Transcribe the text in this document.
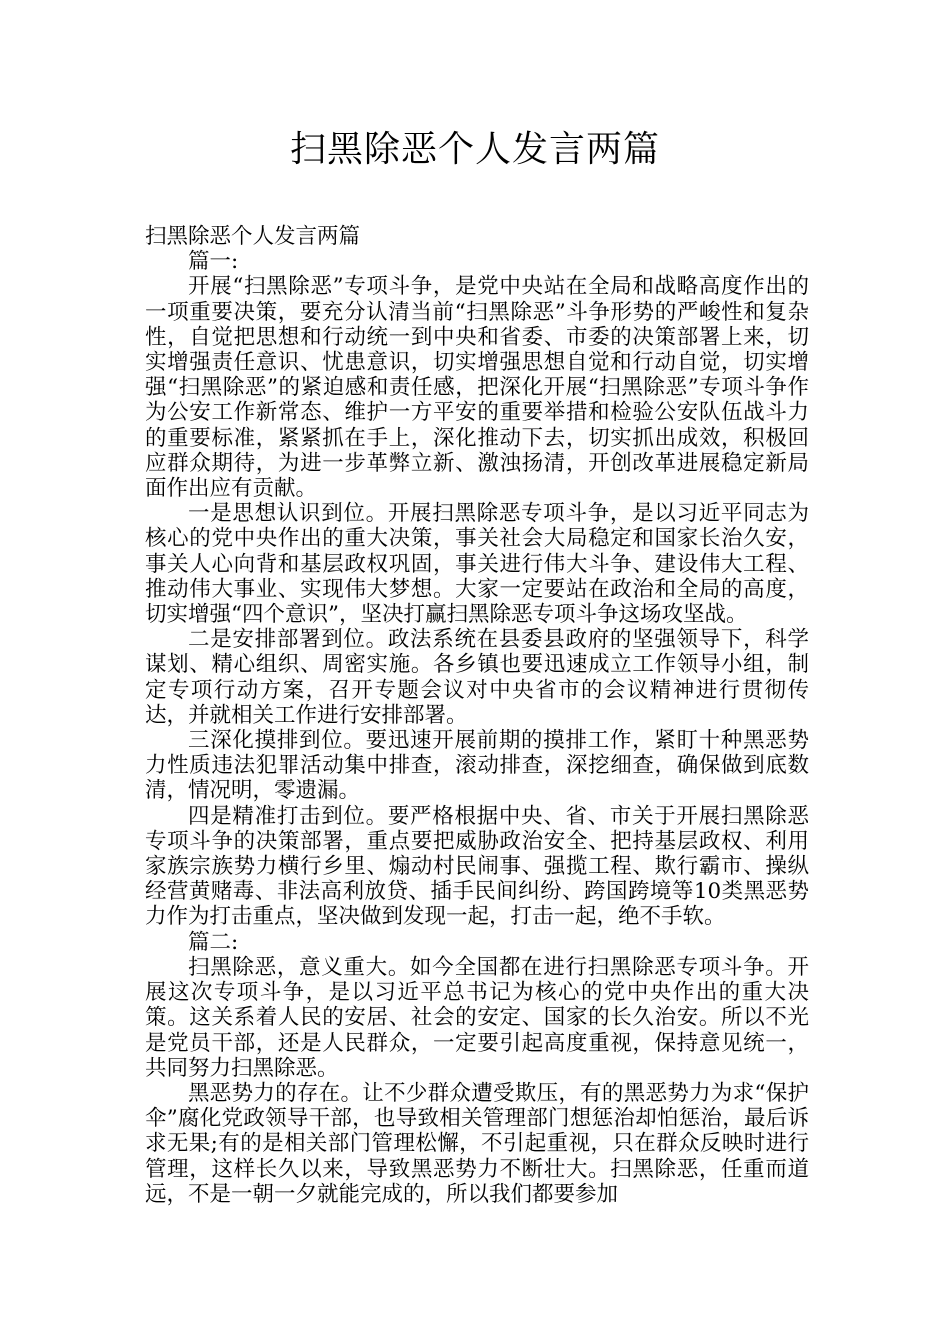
扫黑除恶个人发言两篇

扫黑除恶个人发言两篇

篇一:

开展“扫黑除恶”专项斗争，是党中央站在全局和战略高度作出的一项重要决策，要充分认清当前“扫黑除恶”斗争形势的严峻性和复杂性，自觉把思想和行动统一到中央和省委、市委的决策部署上来，切实增强责任意识、忧患意识，切实增强思想自觉和行动自觉，切实增强“扫黑除恶”的紧迫感和责任感，把深化开展“扫黑除恶”专项斗争作为公安工作新常态、维护一方平安的重要举措和检验公安队伍战斗力的重要标准，紧紧抓在手上，深化推动下去，切实抓出成效，积极回应群众期待，为进一步革弊立新、激浊扬清，开创改革进展稳定新局面作出应有贡献。

一是思想认识到位。开展扫黑除恶专项斗争，是以习近平同志为核心的党中央作出的重大决策，事关社会大局稳定和国家长治久安，事关人心向背和基层政权巩固，事关进行伟大斗争、建设伟大工程、推动伟大事业、实现伟大梦想。大家一定要站在政治和全局的高度，切实增强“四个意识”，坚决打赢扫黑除恶专项斗争这场攻坚战。

二是安排部署到位。政法系统在县委县政府的坚强领导下，科学谋划、精心组织、周密实施。各乡镇也要迅速成立工作领导小组，制定专项行动方案，召开专题会议对中央省市的会议精神进行贯彻传达，并就相关工作进行安排部署。

三深化摸排到位。要迅速开展前期的摸排工作，紧盯十种黑恶势力性质违法犯罪活动集中排查，滚动排查，深挖细查，确保做到底数清，情况明，零遗漏。

四是精准打击到位。要严格根据中央、省、市关于开展扫黑除恶专项斗争的决策部署，重点要把威胁政治安全、把持基层政权、利用家族宗族势力横行乡里、煽动村民闹事、强揽工程、欺行霸市、操纵经营黄赌毒、非法高利放贷、插手民间纠纷、跨国跨境等10类黑恶势力作为打击重点，坚决做到发现一起，打击一起，绝不手软。

篇二:

扫黑除恶，意义重大。如今全国都在进行扫黑除恶专项斗争。开展这次专项斗争，是以习近平总书记为核心的党中央作出的重大决策。这关系着人民的安居、社会的安定、国家的长久治安。所以不光是党员干部，还是人民群众，一定要引起高度重视，保持意见统一，共同努力扫黑除恶。

黑恶势力的存在。让不少群众遭受欺压，有的黑恶势力为求“保护伞”腐化党政领导干部，也导致相关管理部门想惩治却怕惩治，最后诉求无果;有的是相关部门管理松懈，不引起重视，只在群众反映时进行管理，这样长久以来，导致黑恶势力不断壮大。扫黑除恶，任重而道远，不是一朝一夕就能完成的，所以我们都要参加
